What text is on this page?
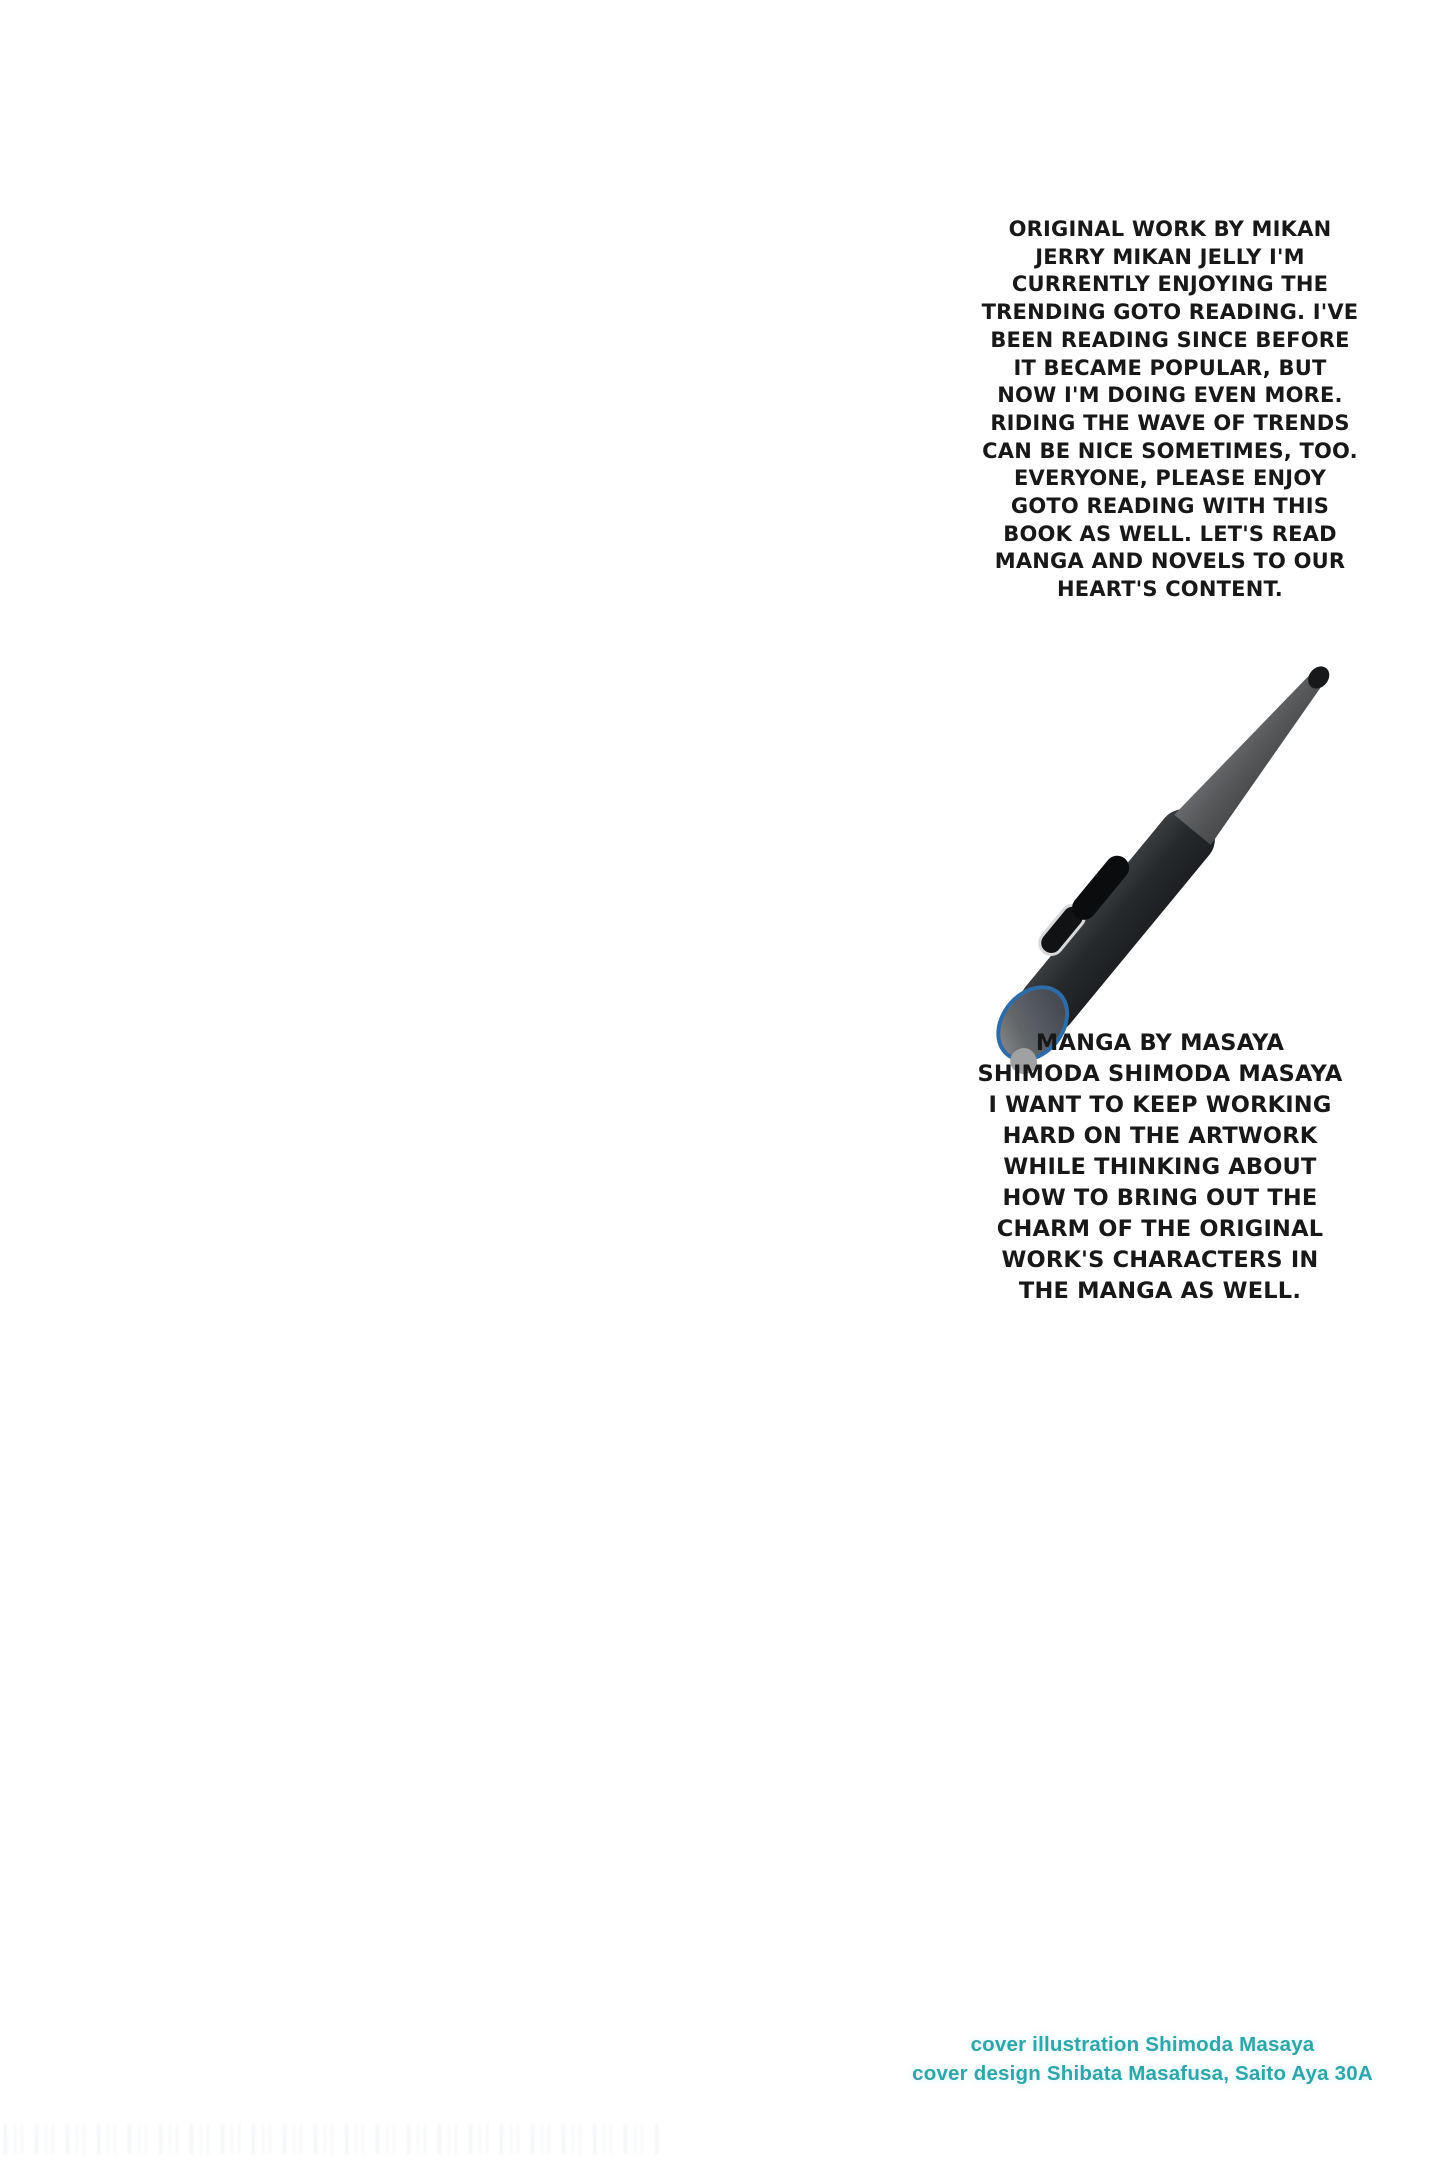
ORIGINAL WORK BY MIKAN
JERRY MIKAN JELLY I'M
CURRENTLY ENJOYING THE
TRENDING GOTO READING. I'VE
BEEN READING SINCE BEFORE
IT BECAME POPULAR, BUT
NOW I'M DOING EVEN MORE.
RIDING THE WAVE OF TRENDS
CAN BE NICE SOMETIMES, TOO.
EVERYONE, PLEASE ENJOY
GOTO READING WITH THIS
BOOK AS WELL. LET'S READ
MANGA AND NOVELS TO OUR
HEART'S CONTENT.
MANGA BY MASAYA
SHIMODA SHIMODA MASAYA
I WANT TO KEEP WORKING
HARD ON THE ARTWORK
WHILE THINKING ABOUT
HOW TO BRING OUT THE
CHARM OF THE ORIGINAL
WORK'S CHARACTERS IN
THE MANGA AS WELL.
cover illustration Shimoda Masaya
cover design Shibata Masafusa, Saito Aya 30A
